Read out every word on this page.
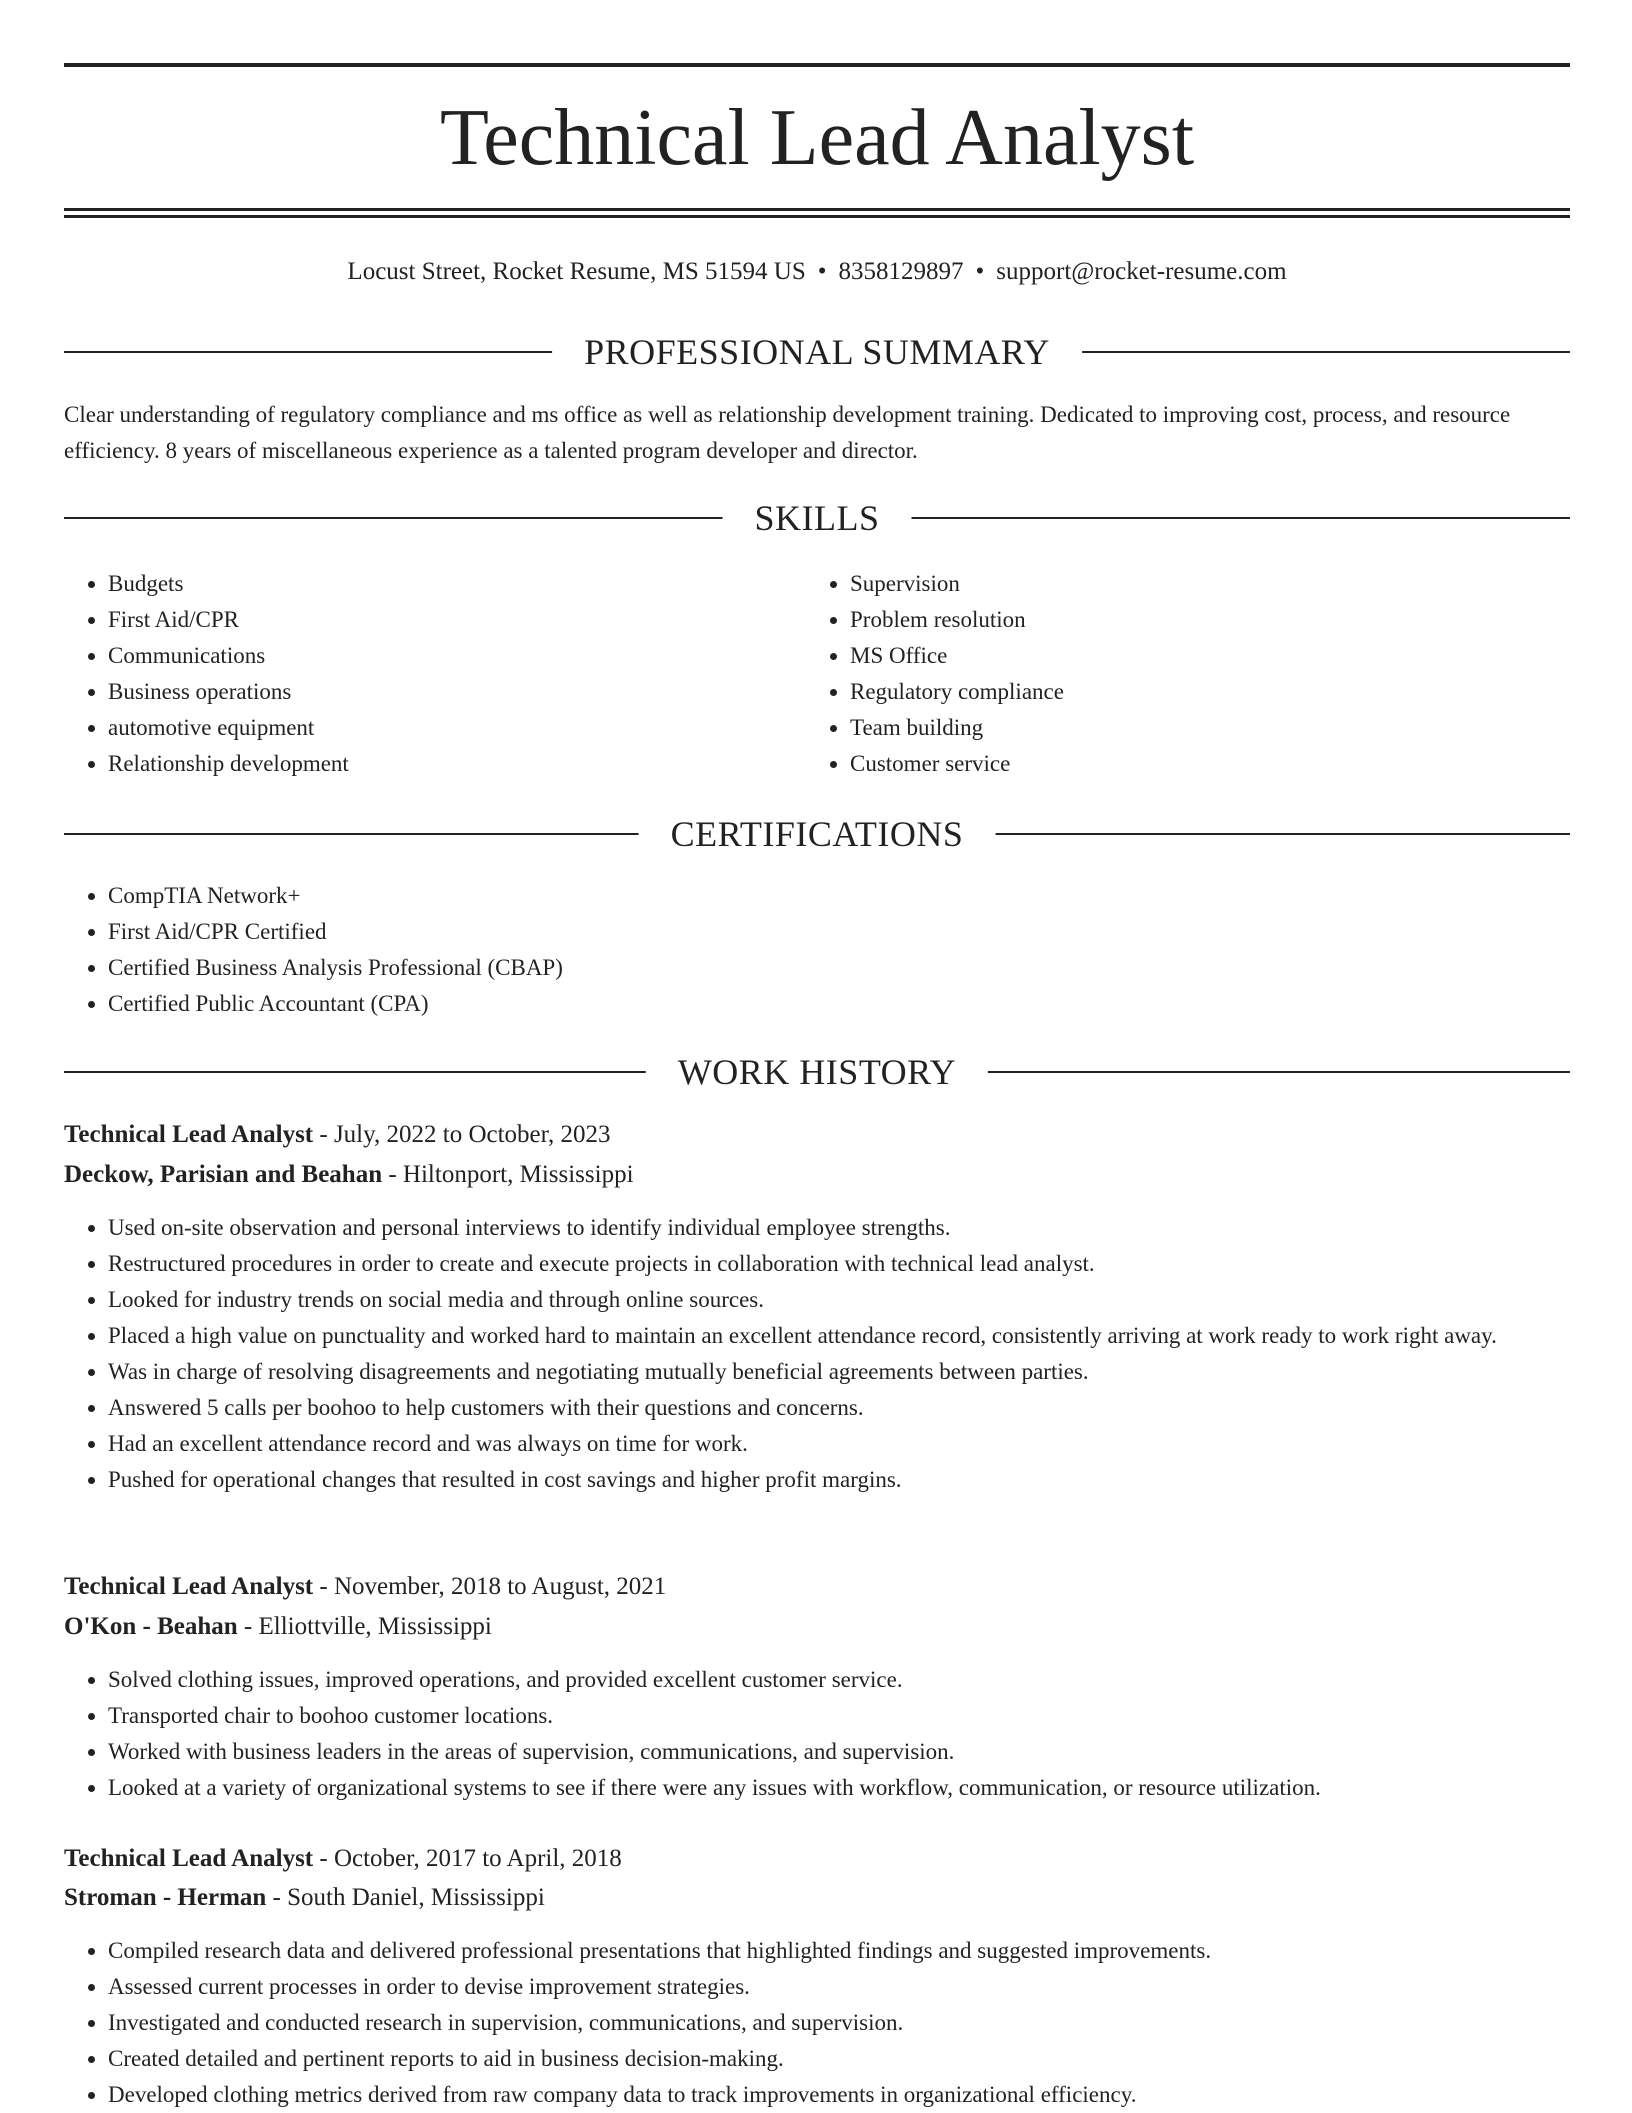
Technical Lead Analyst
Locust Street, Rocket Resume, MS 51594 US • 8358129897 • support@rocket-resume.com
PROFESSIONAL SUMMARY

Clear understanding of regulatory compliance and ms office as well as relationship development training. Dedicated to improving cost, process, and resource efficiency. 8 years of miscellaneous experience as a talented program developer and director.

SKILLS
• Budgets
• First Aid/CPR
• Communications
• Business operations
• automotive equipment
• Relationship development
• Supervision
• Problem resolution
• MS Office
• Regulatory compliance
• Team building
• Customer service
CERTIFICATIONS
• CompTIA Network+
• First Aid/CPR Certified
• Certified Business Analysis Professional (CBAP)
• Certified Public Accountant (CPA)
WORK HISTORY
Technical Lead Analyst - July, 2022 to October, 2023
Deckow, Parisian and Beahan - Hiltonport, Mississippi
• Used on-site observation and personal interviews to identify individual employee strengths.
• Restructured procedures in order to create and execute projects in collaboration with technical lead analyst.
• Looked for industry trends on social media and through online sources.
• Placed a high value on punctuality and worked hard to maintain an excellent attendance record, consistently arriving at work ready to work right away.
• Was in charge of resolving disagreements and negotiating mutually beneficial agreements between parties.
• Answered 5 calls per boohoo to help customers with their questions and concerns.
• Had an excellent attendance record and was always on time for work.
• Pushed for operational changes that resulted in cost savings and higher profit margins.
Technical Lead Analyst - November, 2018 to August, 2021
O'Kon - Beahan - Elliottville, Mississippi
• Solved clothing issues, improved operations, and provided excellent customer service.
• Transported chair to boohoo customer locations.
• Worked with business leaders in the areas of supervision, communications, and supervision.
• Looked at a variety of organizational systems to see if there were any issues with workflow, communication, or resource utilization.
Technical Lead Analyst - October, 2017 to April, 2018
Stroman - Herman - South Daniel, Mississippi
• Compiled research data and delivered professional presentations that highlighted findings and suggested improvements.
• Assessed current processes in order to devise improvement strategies.
• Investigated and conducted research in supervision, communications, and supervision.
• Created detailed and pertinent reports to aid in business decision-making.
• Developed clothing metrics derived from raw company data to track improvements in organizational efficiency.
